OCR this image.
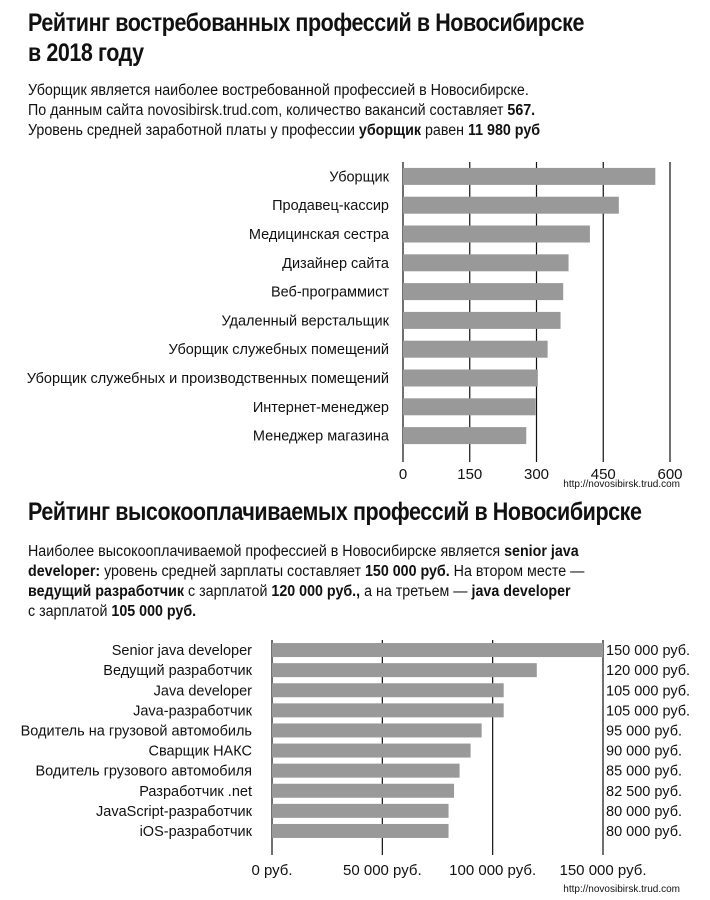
Рейтинг востребованных профессий в Новосибирске
в 2018 году
Уборщик является наиболее востребованной профессией в Новосибирске.
По данным сайта novosibirsk.trud.com, количество вакансий составляет 567.
Уровень средней заработной платы у профессии уборщик равен 11 980 руб
Уборщик
Продавец-кассир
Медицинская сестра
Дизайнер сайта
Веб-программист
Удаленный верстальщик
Уборщик служебных помещений
Уборщик служебных и производственных помещений
Интернет-менеджер
Менеджер магазина
0	150	300	450	600
http://novosibirsk.trud.com
Рейтинг высокооплачиваемых профессий в Новосибирске
Наиболее высокооплачиваемой профессией в Новосибирске является senior java
developer: уровень средней зарплаты составляет 150 000 руб. На втором месте —
ведущий разработчик с зарплатой 120 000 руб., а на третьем — java developer
с зарплатой 105 000 руб.
Senior java developer
Ведущий разработчик
Java developer
Java-разработчик
Водитель на грузовой автомобиль
Сварщик НАКС
Водитель грузового автомобиля
Разработчик .net
JavaScript-разработчик
iOS-разработчик
150 000 руб.
120 000 руб.
105 000 руб.
105 000 руб.
95 000 руб.
90 000 руб.
85 000 руб.
82 500 руб.
80 000 руб.
80 000 руб.
0 руб.	50 000 руб. 100 000 руб. 150 000 руб.
http://novosibirsk.trud.com
